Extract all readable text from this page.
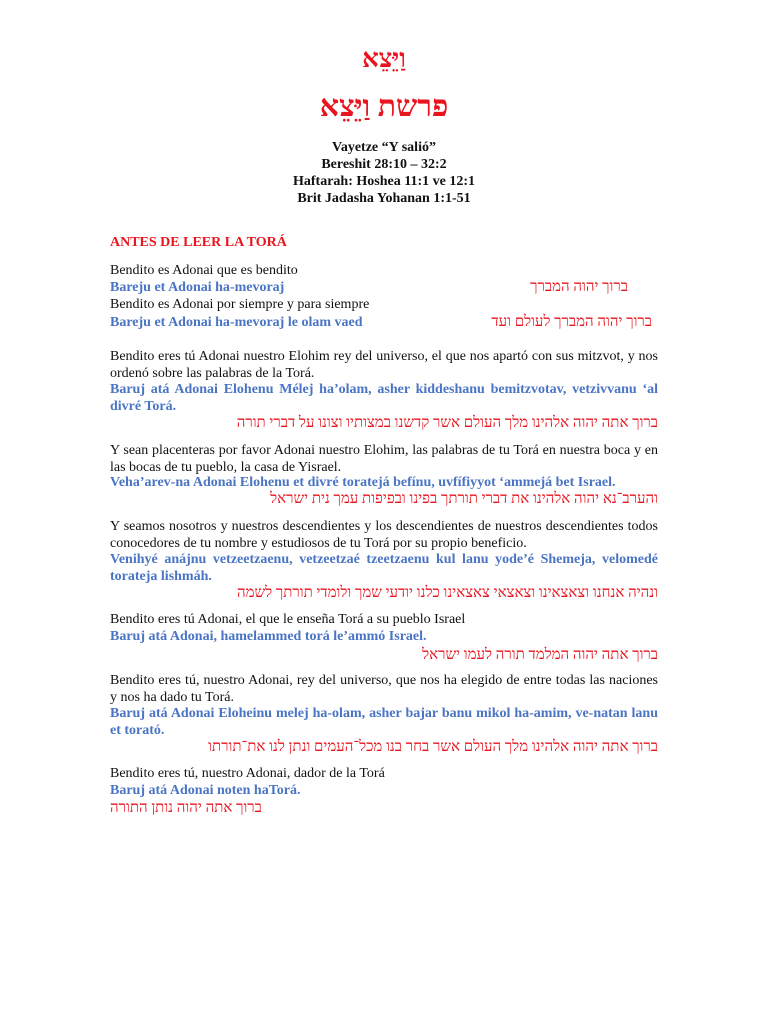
וַיֵּצֵא
פרשת וַיֵּצֵא
Vayetze “Y salió”
Bereshit 28:10 – 32:2
Haftarah: Hoshea 11:1 ve 12:1
Brit Jadasha Yohanan 1:1-51
ANTES DE LEER LA TORÁ
Bendito es Adonai que es bendito
Bareju et Adonai ha-mevoraj	ברוך יהוה המברך
Bendito es Adonai por siempre y para siempre
Bareju et Adonai ha-mevoraj le olam vaed	ברוך יהוה המברך לעולם ועד
Bendito eres tú Adonai nuestro Elohim rey del universo, el que nos apartó con sus mitzvot, y nos ordenó sobre las palabras de la Torá.
Baruj atá Adonai Elohenu Mélej ha’olam, asher kiddeshanu bemitzvotav, vetzivvanu ‘al divré Torá.
ברוך אתה יהוה אלהינו מלך העולם אשר קדשנו במצותיו וצונו על דברי תורה
Y sean placenteras por favor Adonai nuestro Elohim, las palabras de tu Torá en nuestra boca y en las bocas de tu pueblo, la casa de Yisrael.
Veha’arev-na Adonai Elohenu et divré toratejá befínu, uvfífiyyot ‘ammejá bet Israel.
והערב־נא יהוה אלהינו את דברי תורתך בפינו ובפיפות עמך נית ישראל
Y seamos nosotros y nuestros descendientes y los descendientes de nuestros descendientes todos conocedores de tu nombre y estudiosos de tu Torá por su propio beneficio.
Venihyé anájnu vetzeetzaenu, vetzeetzaé tzeetzaenu kul lanu yode’é Shemeja, velomedé torateja lishmáh.
ונהיה אנחנו וצאצאינו וצאצאי צאצאינו כלנו יודעי שמך ולומדי תורתך לשמה
Bendito eres tú Adonai, el que le enseña Torá a su pueblo Israel
Baruj atá Adonai, hamelammed torá le’ammó Israel.
ברוך אתה יהוה המלמד תורה לעמו ישראל
Bendito eres tú, nuestro Adonai, rey del universo, que nos ha elegido de entre todas las naciones y nos ha dado tu Torá.
Baruj atá Adonai Eloheinu melej ha-olam, asher bajar banu mikol ha-amim, ve-natan lanu et torató.
ברוך אתה יהוה אלהינו מלך העולם אשר בחר בנו מכל־העמים ונתן לנו את־תורתו
Bendito eres tú, nuestro Adonai, dador de la Torá
Baruj atá Adonai noten haTorá.
ברוך אתה יהוה נותן התורה
